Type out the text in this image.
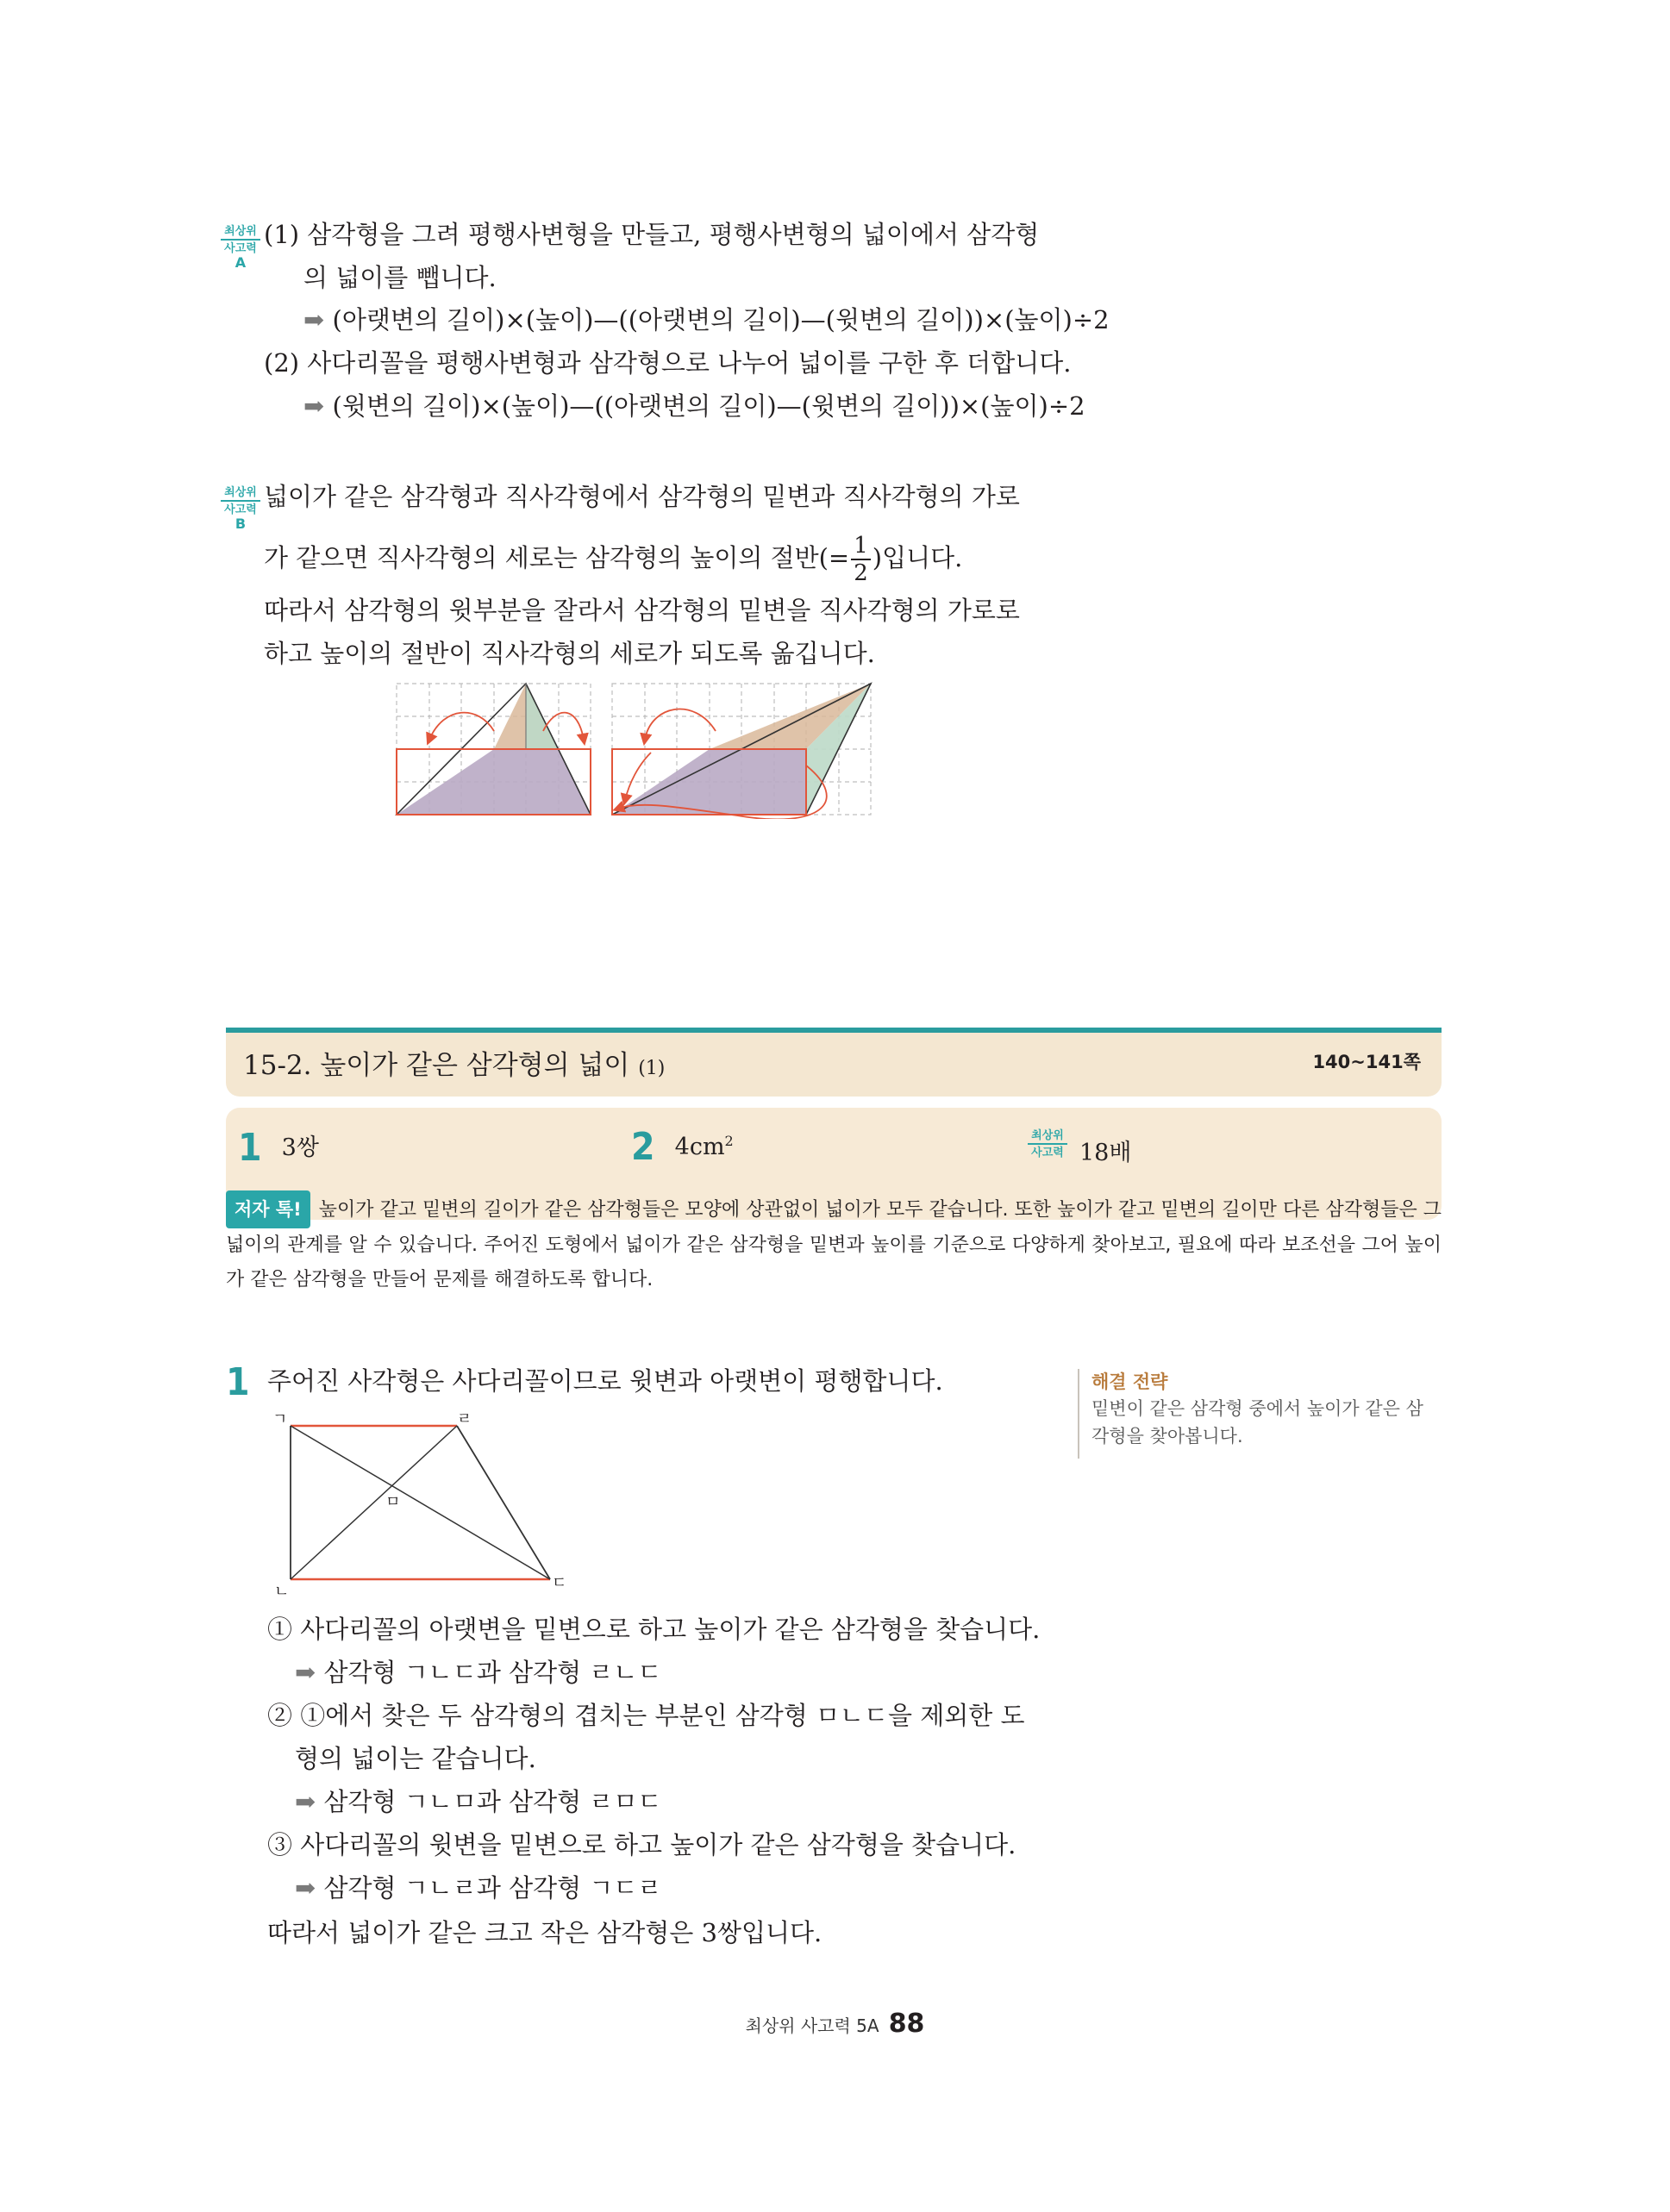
최상위
사고력
A
(1) 삼각형을 그려 평행사변형을 만들고, 평행사변형의 넓이에서 삼각형
의 넓이를 뺍니다.
➡ (아랫변의 길이)×(높이)—((아랫변의 길이)—(윗변의 길이))×(높이)÷2
(2) 사다리꼴을 평행사변형과 삼각형으로 나누어 넓이를 구한 후 더합니다.
➡ (윗변의 길이)×(높이)—((아랫변의 길이)—(윗변의 길이))×(높이)÷2
최상위
사고력
B
넓이가 같은 삼각형과 직사각형에서 삼각형의 밑변과 직사각형의 가로
가 같으면 직사각형의 세로는 삼각형의 높이의 절반(= $\frac{1}{2}$ )입니다.
따라서 삼각형의 윗부분을 잘라서 삼각형의 밑변을 직사각형의 가로로
하고 높이의 절반이 직사각형의 세로가 되도록 옮깁니다.
15-2. 높이가 같은 삼각형의 넓이 (1)	140~141쪽
1 3쌍	2 $4cm^2$	최상위
사고력 18배
저자 톡! 높이가 같고 밑변의 길이가 같은 삼각형들은 모양에 상관없이 넓이가 모두 같습니다. 또한 높이가 같고 밑변의 길이만 다른 삼각형들은 그 넓이의 관계를 알 수 있습니다. 주어진 도형에서 넓이가 같은 삼각형을 밑변과 높이를 기준으로 다양하게 찾아보고, 필요에 따라 보조선을 그어 높이가 같은 삼각형을 만들어 문제를 해결하도록 합니다.
1 주어진 사각형은 사다리꼴이므로 윗변과 아랫변이 평행합니다.
ㄱ	ㄹ
ㄴ	ㄷ
ㅁ
① 사다리꼴의 아랫변을 밑변으로 하고 높이가 같은 삼각형을 찾습니다.
➡ 삼각형 ㄱㄴㄷ과 삼각형 ㄹㄴㄷ
② ①에서 찾은 두 삼각형의 겹치는 부분인 삼각형 ㅁㄴㄷ을 제외한 도
형의 넓이는 같습니다.
➡ 삼각형 ㄱㄴㅁ과 삼각형 ㄹㅁㄷ
③ 사다리꼴의 윗변을 밑변으로 하고 높이가 같은 삼각형을 찾습니다.
➡ 삼각형 ㄱㄴㄹ과 삼각형 ㄱㄷㄹ
따라서 넓이가 같은 크고 작은 삼각형은 3쌍입니다.
해결 전략
밑변이 같은 삼각형 중에서 높이가 같은 삼
각형을 찾아봅니다.
최상위 사고력 5A 88
